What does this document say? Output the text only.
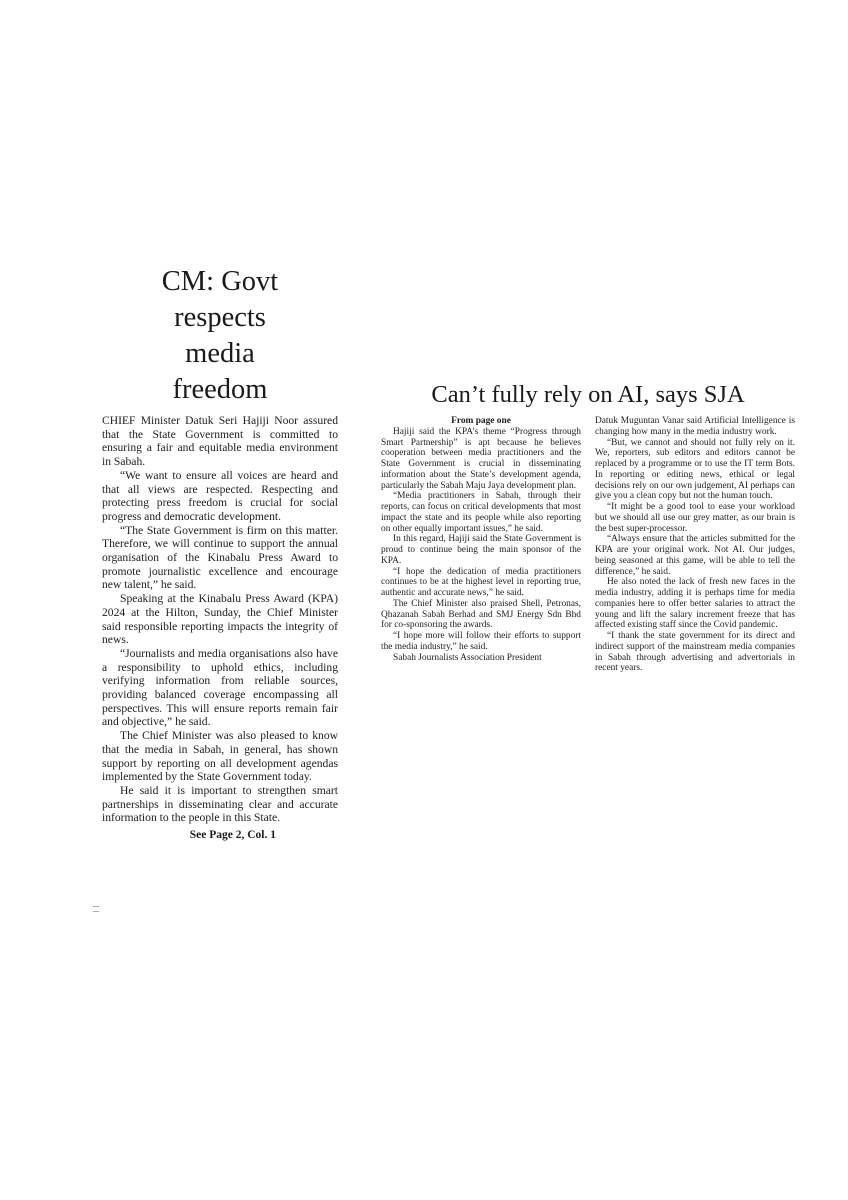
CM: Govt
respects
media
freedom

CHIEF Minister Datuk Seri Hajiji Noor assured that the State Government is committed to ensuring a fair and equitable media environment in Sabah.

“We want to ensure all voices are heard and that all views are respected. Respecting and protecting press freedom is crucial for social progress and democratic development.

“The State Government is firm on this matter. Therefore, we will continue to support the annual organisation of the Kinabalu Press Award to promote journalistic excellence and encourage new talent,” he said.

Speaking at the Kinabalu Press Award (KPA) 2024 at the Hilton, Sunday, the Chief Minister said responsible reporting impacts the integrity of news.

“Journalists and media organisations also have a responsibility to uphold ethics, including verifying information from reliable sources, providing balanced coverage encompassing all perspectives. This will ensure reports remain fair and objective,” he said.

The Chief Minister was also pleased to know that the media in Sabah, in general, has shown support by reporting on all development agendas implemented by the State Government today.

He said it is important to strengthen smart partnerships in disseminating clear and accurate information to the people in this State.

See Page 2, Col. 1
Can’t fully rely on AI, says SJA

From page one

Hajiji said the KPA’s theme “Progress through Smart Partnership” is apt because he believes cooperation between media practitioners and the State Government is crucial in disseminating information about the State’s development agenda, particularly the Sabah Maju Jaya development plan.

“Media practitioners in Sabah, through their reports, can focus on critical developments that most impact the state and its people while also reporting on other equally important issues,” he said.

In this regard, Hajiji said the State Government is proud to continue being the main sponsor of the KPA.

“I hope the dedication of media practitioners continues to be at the highest level in reporting true, authentic and accurate news,” he said.

The Chief Minister also praised Shell, Petronas, Qhazanah Sabah Berhad and SMJ Energy Sdn Bhd for co-sponsoring the awards.

“I hope more will follow their efforts to support the media industry,” he said.

Sabah Journalists Association President

Datuk Muguntan Vanar said Artificial Intelligence is changing how many in the media industry work.

“But, we cannot and should not fully rely on it. We, reporters, sub editors and editors cannot be replaced by a programme or to use the IT term Bots. In reporting or editing news, ethical or legal decisions rely on our own judgement, AI perhaps can give you a clean copy but not the human touch.

“It might be a good tool to ease your workload but we should all use our grey matter, as our brain is the best super-processor.

“Always ensure that the articles submitted for the KPA are your original work. Not AI. Our judges, being seasoned at this game, will be able to tell the difference,” he said.

He also noted the lack of fresh new faces in the media industry, adding it is perhaps time for media companies here to offer better salaries to attract the young and lift the salary increment freeze that has affected existing staff since the Covid pandemic.

“I thank the state government for its direct and indirect support of the mainstream media companies in Sabah through advertising and advertorials in recent years.
